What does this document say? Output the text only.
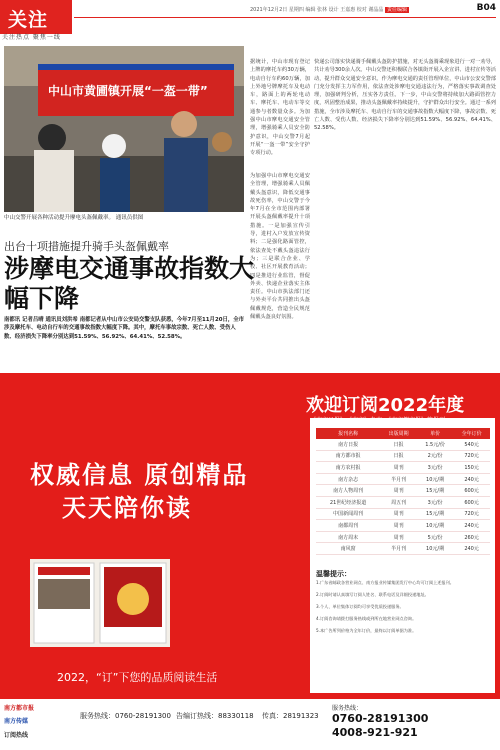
关注
关注热点 聚焦一线
2021年12月2日 星期四 编辑 张林 设计 王嘉惠 校对 谢晶晶 责任编辑	B04
中山市黄圃镇开展“一盔一带”
中山交警开展各种活动提升摩电头盔佩戴率。 通讯员供图
据统计，中山市现有登记上牌的摩托车约30万辆，电动自行车约60万辆，加上外地号牌摩托车及电动车，路面上的两轮电动车、摩托车、电动车等交通参与者数量众多。为加强中山市摩电交通安全管理，增强骑乘人员安全防护意识，中山交警7月起开展“一盔一带”安全守护专项行动。
为加强中山市摩电交通安全管理，增强骑乘人员佩戴头盔意识，降低交通事故死伤率，中山交警于今年7月在全市范围内部署开展头盔佩戴率提升十项措施。一是加强宣传引导，进村入户发放宣传资料；二是强化路面管控，依法查处不戴头盔违法行为；三是联合企业、学校、社区开展教育活动；四是推进行业监管，督促外卖、快递企业落实主体责任。中山市执法部门还与外卖平台共同推出头盔佩戴规范，营造全民规范佩戴头盔良好氛围。
快递公司落实快递骑手佩戴头盔防护措施，对无头盔骑乘现象进行一对一劝导，共计劝导300余人次。中山交警还积极联合各镇街开展入企宣讲、进村宣传等活动，提升群众交通安全意识。作为摩电交通的责任管理单位，中山市公安交警部门充分发挥主力军作用，依法查处涉摩电交通违法行为，严格落实事故调查处理，加强研判分析，压实各方责任。下一步，中山交警将持续加大路面管控力度，巩固整治成果，推动头盔佩戴率持续提升，守护群众出行安全。通过一系列措施，全市涉及摩托车、电动自行车的交通事故指数大幅度下降，事故宗数、死亡人数、受伤人数、经济损失下降率分别达到51.59%、56.92%、64.41%、52.58%。
出台十项措施提升骑手头盔佩戴率
涉摩电交通事故指数大幅下降
南都讯 记者吕晴 通讯员刘洪希 南都记者从中山市公安局交警支队获悉，今年7月至11月20日，全市涉及摩托车、电动自行车的交通事故指数大幅度下降。其中，摩托车事故宗数、死亡人数、受伤人数、经济损失下降率分别达到51.59%、56.92%、64.41%、52.58%。
权威信息 原创精品
天天陪你读
2022，“订”下您的品质阅读生活
欢迎订阅2022年度
报刊名称	出版周期	单价	全年订价
南方日报	日报	1.5元/份	540元
南方都市报	日报	2元/份	720元
南方农村报	周刊	3元/份	150元
南方杂志	半月刊	10元/期	240元
南方人物周刊	周刊	15元/期	600元
21世纪经济报道	周五刊	3元/份	600元
中国新闻周刊	周刊	15元/期	720元
南都周刊	周刊	10元/期	240元
南方周末	周刊	5元/份	260元
南风窗	半月刊	10元/期	240元
温馨提示：
1.广东省邮政各营业网点、南方报业传媒集团发行中心均可订阅上述报刊。
2.订阅时请认真填写订阅人姓名、联系电话及详细投递地址。
3.个人、单位集体订阅均可享受优质投递服务。
4.订阅咨询请拨打服务热线或到所在地营业网点咨询。
5.本广告所列价格为全年订价，最终以订阅单据为准。
南方都市报
南方传媒
订阅热线
服务热线：0760-28191300 告编订热线：88330118 传真：28191323
服务热线：
0760-28191300
4008-921-921
